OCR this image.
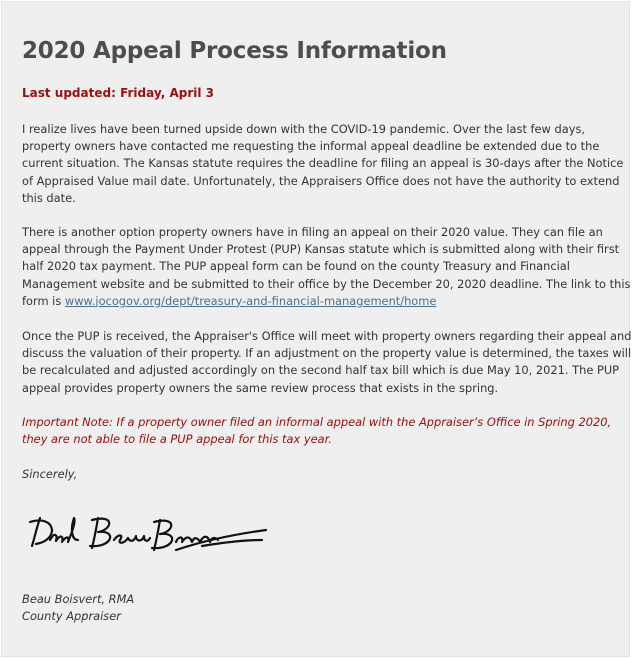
2020 Appeal Process Information
Last updated: Friday, April 3

I realize lives have been turned upside down with the COVID-19 pandemic. Over the last few days,
property owners have contacted me requesting the informal appeal deadline be extended due to the
current situation. The Kansas statute requires the deadline for filing an appeal is 30-days after the Notice
of Appraised Value mail date. Unfortunately, the Appraisers Office does not have the authority to extend
this date.

There is another option property owners have in filing an appeal on their 2020 value. They can file an
appeal through the Payment Under Protest (PUP) Kansas statute which is submitted along with their first
half 2020 tax payment. The PUP appeal form can be found on the county Treasury and Financial
Management website and be submitted to their office by the December 20, 2020 deadline. The link to this
form is www.jocogov.org/dept/treasury-and-financial-management/home

Once the PUP is received, the Appraiser's Office will meet with property owners regarding their appeal and
discuss the valuation of their property. If an adjustment on the property value is determined, the taxes will
be recalculated and adjusted accordingly on the second half tax bill which is due May 10, 2021. The PUP
appeal provides property owners the same review process that exists in the spring.

Important Note: If a property owner filed an informal appeal with the Appraiser’s Office in Spring 2020,
they are not able to file a PUP appeal for this tax year.

Sincerely,
Beau Boisvert, RMA
County Appraiser
